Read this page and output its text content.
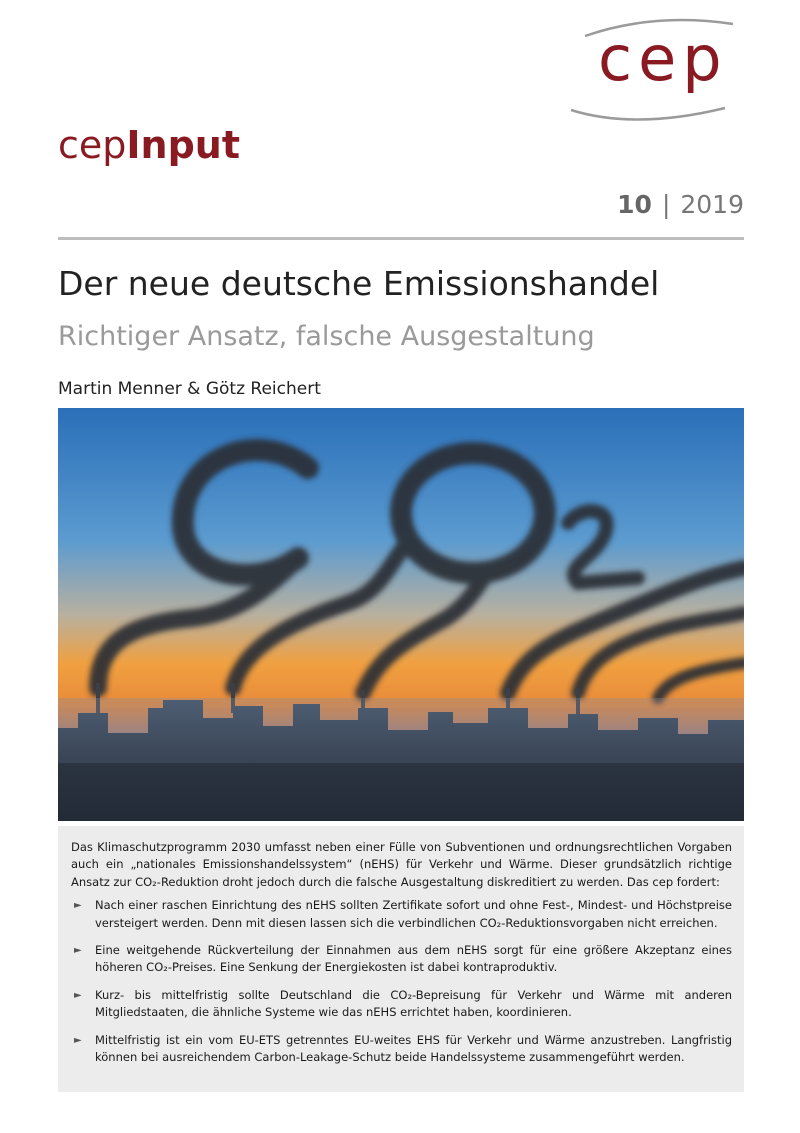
cep
cepInput
10 | 2019
Der neue deutsche Emissionshandel
Richtiger Ansatz, falsche Ausgestaltung
Martin Menner & Götz Reichert

Das Klimaschutzprogramm 2030 umfasst neben einer Fülle von Subventionen und ordnungsrechtlichen Vorgaben auch ein „nationales Emissionshandelssystem“ (nEHS) für Verkehr und Wärme. Dieser grundsätzlich richtige Ansatz zur CO₂-Reduktion droht jedoch durch die falsche Ausgestaltung diskreditiert zu werden. Das cep fordert:

► Nach einer raschen Einrichtung des nEHS sollten Zertifikate sofort und ohne Fest-, Mindest- und Höchstpreise versteigert werden. Denn mit diesen lassen sich die verbindlichen CO₂-Reduktionsvorgaben nicht erreichen.
► Eine weitgehende Rückverteilung der Einnahmen aus dem nEHS sorgt für eine größere Akzeptanz eines höheren CO₂-Preises. Eine Senkung der Energiekosten ist dabei kontraproduktiv.
► Kurz- bis mittelfristig sollte Deutschland die CO₂-Bepreisung für Verkehr und Wärme mit anderen Mitgliedstaaten, die ähnliche Systeme wie das nEHS errichtet haben, koordinieren.
► Mittelfristig ist ein vom EU-ETS getrenntes EU-weites EHS für Verkehr und Wärme anzustreben. Langfristig können bei ausreichendem Carbon-Leakage-Schutz beide Handelssysteme zusammengeführt werden.
